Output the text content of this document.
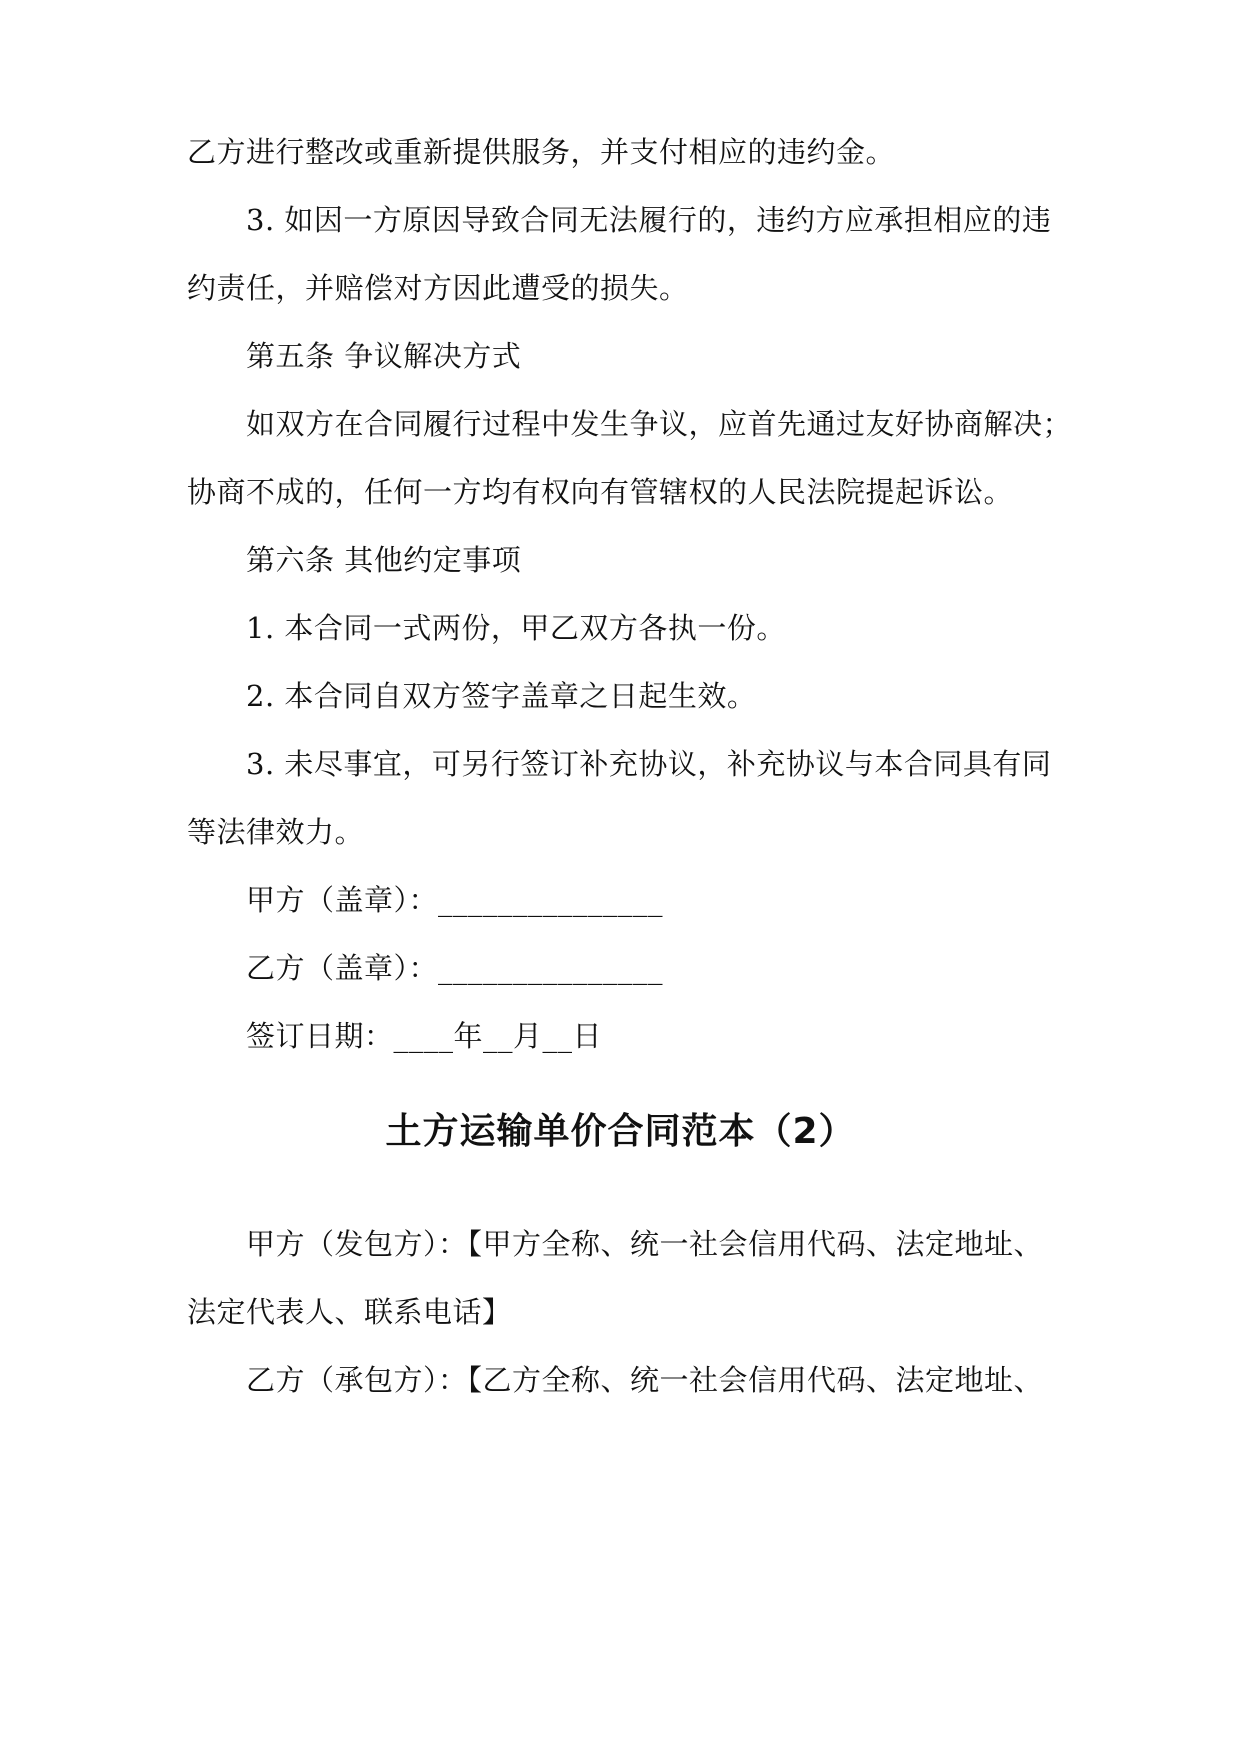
乙方进行整改或重新提供服务，并支付相应的违约金。
3. 如因一方原因导致合同无法履行的，违约方应承担相应的违
约责任，并赔偿对方因此遭受的损失。
第五条 争议解决方式
如双方在合同履行过程中发生争议，应首先通过友好协商解决；
协商不成的，任何一方均有权向有管辖权的人民法院提起诉讼。
第六条 其他约定事项
1. 本合同一式两份，甲乙双方各执一份。
2. 本合同自双方签字盖章之日起生效。
3. 未尽事宜，可另行签订补充协议，补充协议与本合同具有同
等法律效力。
甲方（盖章）：_______________
乙方（盖章）：_______________
签订日期：____年__月__日
土方运输单价合同范本（2）
甲方（发包方）：【甲方全称、统一社会信用代码、法定地址、
法定代表人、联系电话】
乙方（承包方）：【乙方全称、统一社会信用代码、法定地址、
